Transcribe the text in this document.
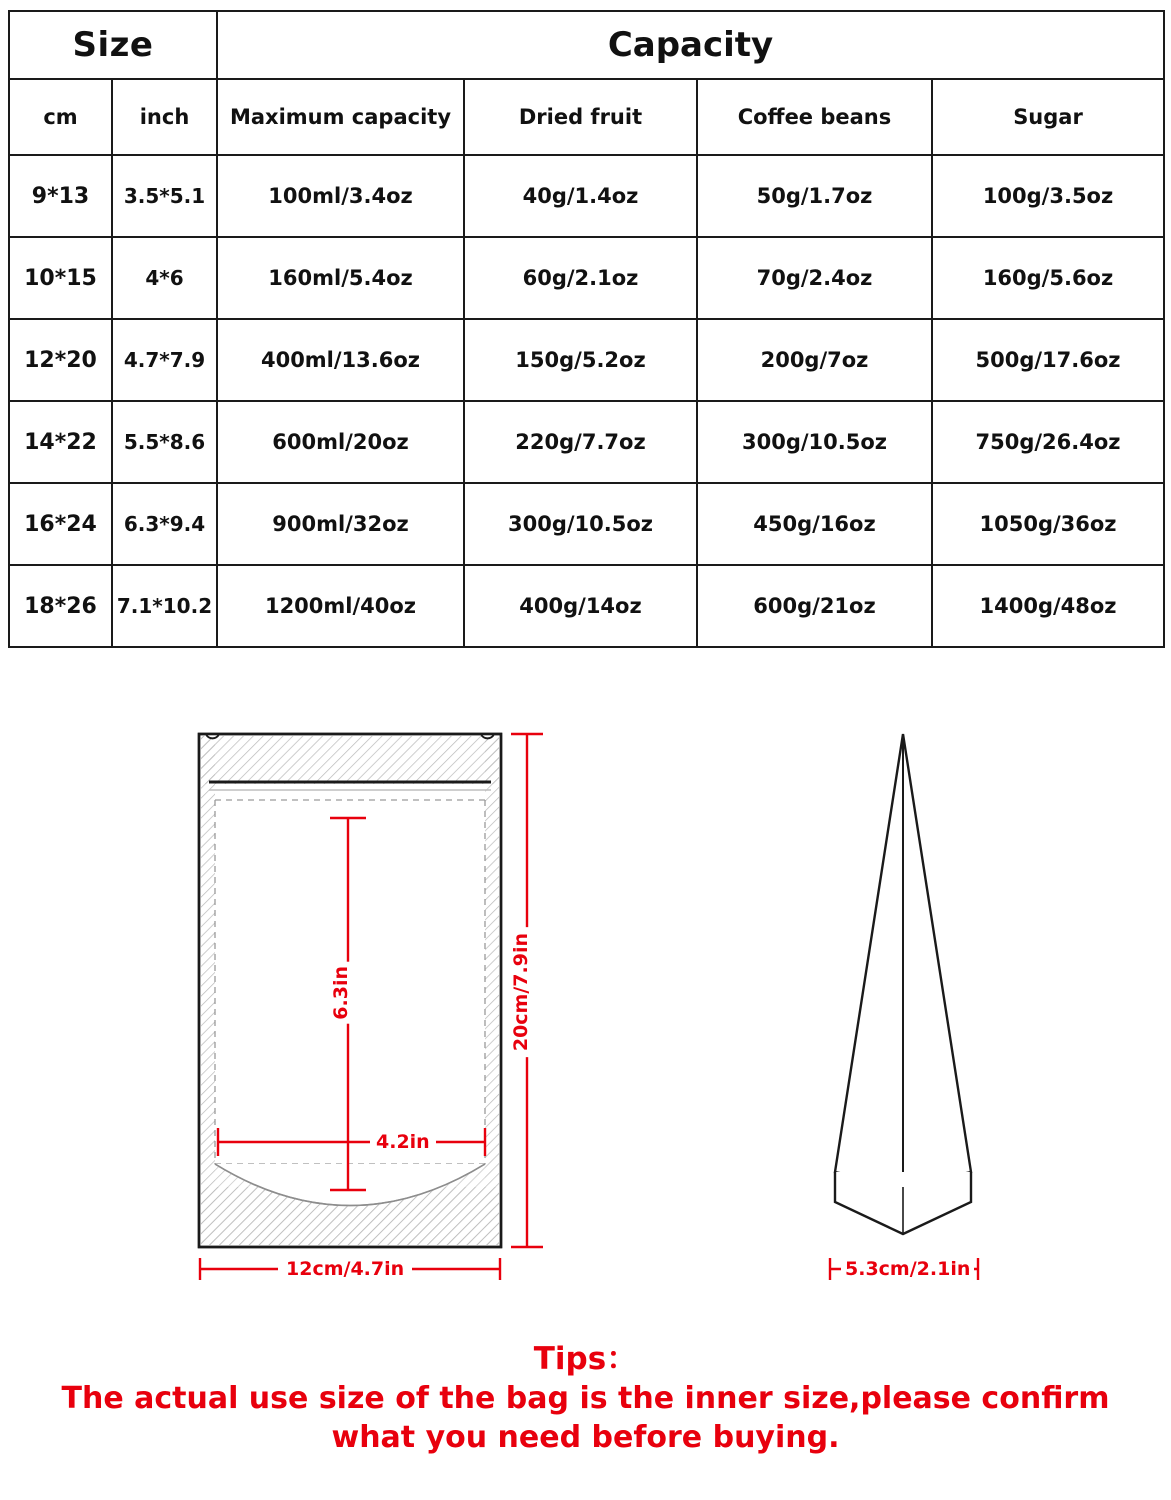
Size		Capacity			
cm	inch	Maximum capacity	Dried fruit	Coffee beans	Sugar
9*13	3.5*5.1	100ml/3.4oz	40g/1.4oz	50g/1.7oz	100g/3.5oz
10*15	4*6	160ml/5.4oz	60g/2.1oz	70g/2.4oz	160g/5.6oz
12*20	4.7*7.9	400ml/13.6oz	150g/5.2oz	200g/7oz	500g/17.6oz
14*22	5.5*8.6	600ml/20oz	220g/7.7oz	300g/10.5oz	750g/26.4oz
16*24	6.3*9.4	900ml/32oz	300g/10.5oz	450g/16oz	1050g/36oz
18*26	7.1*10.2	1200ml/40oz	400g/14oz	600g/21oz	1400g/48oz
6.3in	20cm/7.9in
4.2in
12cm/4.7in	5.3cm/2.1in
Tips：
The actual use size of the bag is the inner size,please confirm
what you need before buying.
